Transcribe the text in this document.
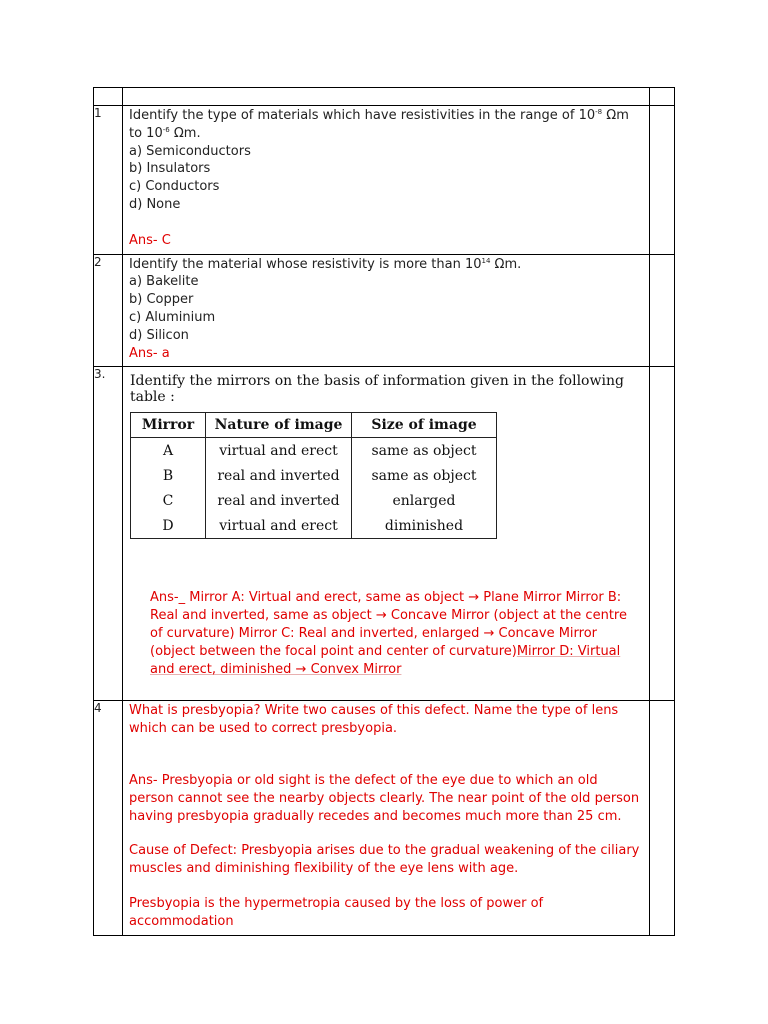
1	Identify the type of materials which have resistivities in the range of $10^{-8}$ Ωm to $10^{-6}$ Ωm.
a) Semiconductors
b) Insulators
c) Conductors
d) None
Ans- C

2	Identify the material whose resistivity is more than $10^{14}$ Ωm.
a) Bakelite
b) Copper
c) Aluminium
d) Silicon
Ans- a

3.	Identify the mirrors on the basis of information given in the following table :
Mirror	Nature of image	Size of image
A	virtual and erect	same as object
B	real and inverted	same as object
C	real and inverted	enlarged
D	virtual and erect	diminished
Ans-_ Mirror A: Virtual and erect, same as object → Plane Mirror Mirror B: Real and inverted, same as object → Concave Mirror (object at the centre of curvature) Mirror C: Real and inverted, enlarged → Concave Mirror (object between the focal point and center of curvature)Mirror D: Virtual and erect, diminished → Convex Mirror

4	What is presbyopia? Write two causes of this defect. Name the type of lens which can be used to correct presbyopia.
Ans- Presbyopia or old sight is the defect of the eye due to which an old person cannot see the nearby objects clearly. The near point of the old person having presbyopia gradually recedes and becomes much more than 25 cm.
Cause of Defect: Presbyopia arises due to the gradual weakening of the ciliary muscles and diminishing flexibility of the eye lens with age.
Presbyopia is the hypermetropia caused by the loss of power of accommodation
